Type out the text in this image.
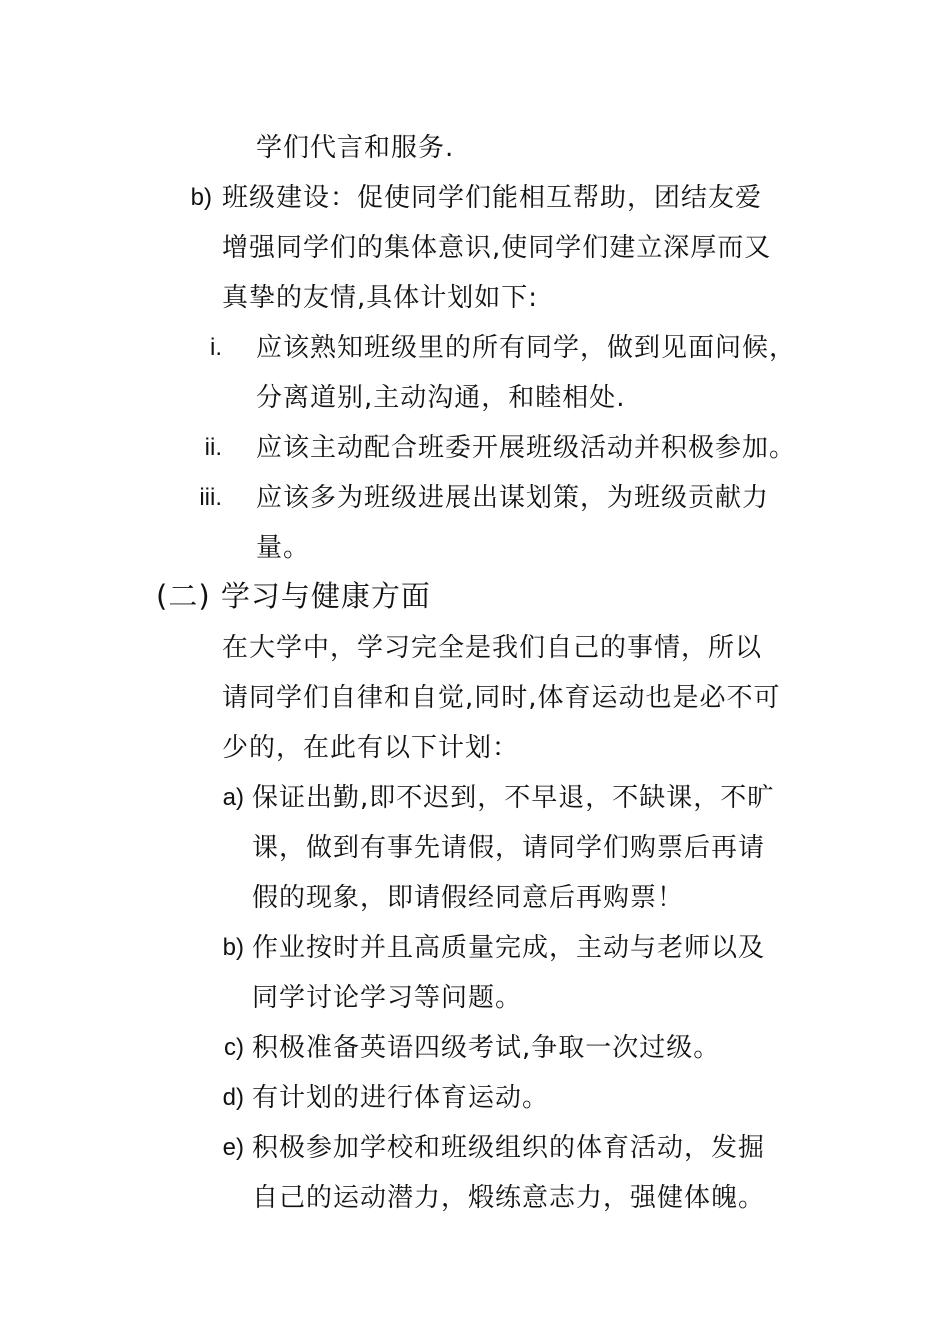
学们代言和服务.
b) 班级建设：促使同学们能相互帮助，团结友爱
增强同学们的集体意识,使同学们建立深厚而又
真挚的友情,具体计划如下:
i. 应该熟知班级里的所有同学，做到见面问候，
分离道别,主动沟通，和睦相处.
ii. 应该主动配合班委开展班级活动并积极参加。
iii. 应该多为班级进展出谋划策，为班级贡献力
量。
(二) 学习与健康方面
在大学中，学习完全是我们自己的事情，所以
请同学们自律和自觉,同时,体育运动也是必不可
少的，在此有以下计划：
a) 保证出勤,即不迟到，不早退，不缺课，不旷
课，做到有事先请假，请同学们购票后再请
假的现象，即请假经同意后再购票！
b) 作业按时并且高质量完成，主动与老师以及
同学讨论学习等问题。
c) 积极准备英语四级考试,争取一次过级。
d) 有计划的进行体育运动。
e) 积极参加学校和班级组织的体育活动，发掘
自己的运动潜力，煅练意志力，强健体魄。
